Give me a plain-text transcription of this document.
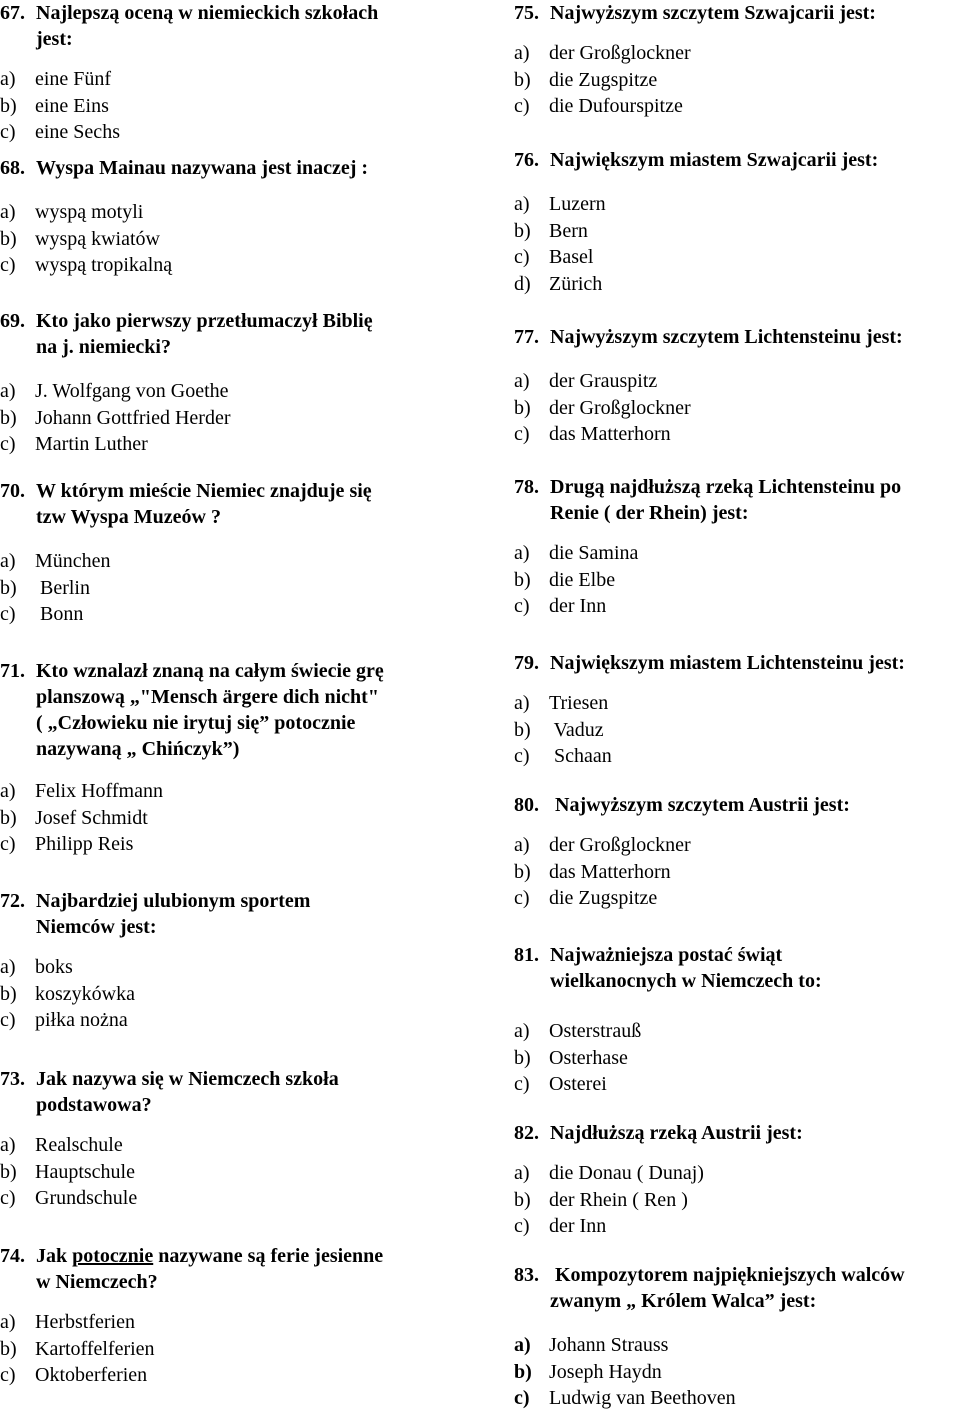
67. Najlepszą oceną w niemieckich szkołach
jest:
a) eine Fünf
b) eine Eins
c) eine Sechs
68. Wyspa Mainau nazywana jest inaczej :
a) wyspą motyli
b) wyspą kwiatów
c) wyspą tropikalną
69. Kto jako pierwszy przetłumaczył Biblię
na j. niemiecki?
a) J. Wolfgang von Goethe
b) Johann Gottfried Herder
c) Martin Luther
70. W którym mieście Niemiec znajduje się
tzw Wyspa Muzeów ?
a) München
b) Berlin
c) Bonn
71. Kto wznalazł znaną na całym świecie grę
planszową „"Mensch ärgere dich nicht"
( „Człowieku nie irytuj się” potocznie
nazywaną „ Chińczyk”)
a) Felix Hoffmann
b) Josef Schmidt
c) Philipp Reis
72. Najbardziej ulubionym sportem
Niemców jest:
a) boks
b) koszykówka
c) piłka nożna
73. Jak nazywa się w Niemczech szkoła
podstawowa?
a) Realschule
b) Hauptschule
c) Grundschule
74. Jak potocznie nazywane są ferie jesienne
w Niemczech?
a) Herbstferien
b) Kartoffelferien
c) Oktoberferien
75. Najwyższym szczytem Szwajcarii jest:
a) der Großglockner
b) die Zugspitze
c) die Dufourspitze
76. Największym miastem Szwajcarii jest:
a) Luzern
b) Bern
c) Basel
d) Zürich
77. Najwyższym szczytem Lichtensteinu jest:
a) der Grauspitz
b) der Großglockner
c) das Matterhorn
78. Drugą najdłuższą rzeką Lichtensteinu po
Renie ( der Rhein) jest:
a) die Samina
b) die Elbe
c) der Inn
79. Największym miastem Lichtensteinu jest:
a) Triesen
b) Vaduz
c) Schaan
80. Najwyższym szczytem Austrii jest:
a) der Großglockner
b) das Matterhorn
c) die Zugspitze
81. Najważniejsza postać świąt
wielkanocnych w Niemczech to:
a) Osterstrauß
b) Osterhase
c) Osterei
82. Najdłuższą rzeką Austrii jest:
a) die Donau ( Dunaj)
b) der Rhein ( Ren )
c) der Inn
83. Kompozytorem najpiękniejszych walców
zwanym „ Królem Walca” jest:
a) Johann Strauss
b) Joseph Haydn
c) Ludwig van Beethoven
